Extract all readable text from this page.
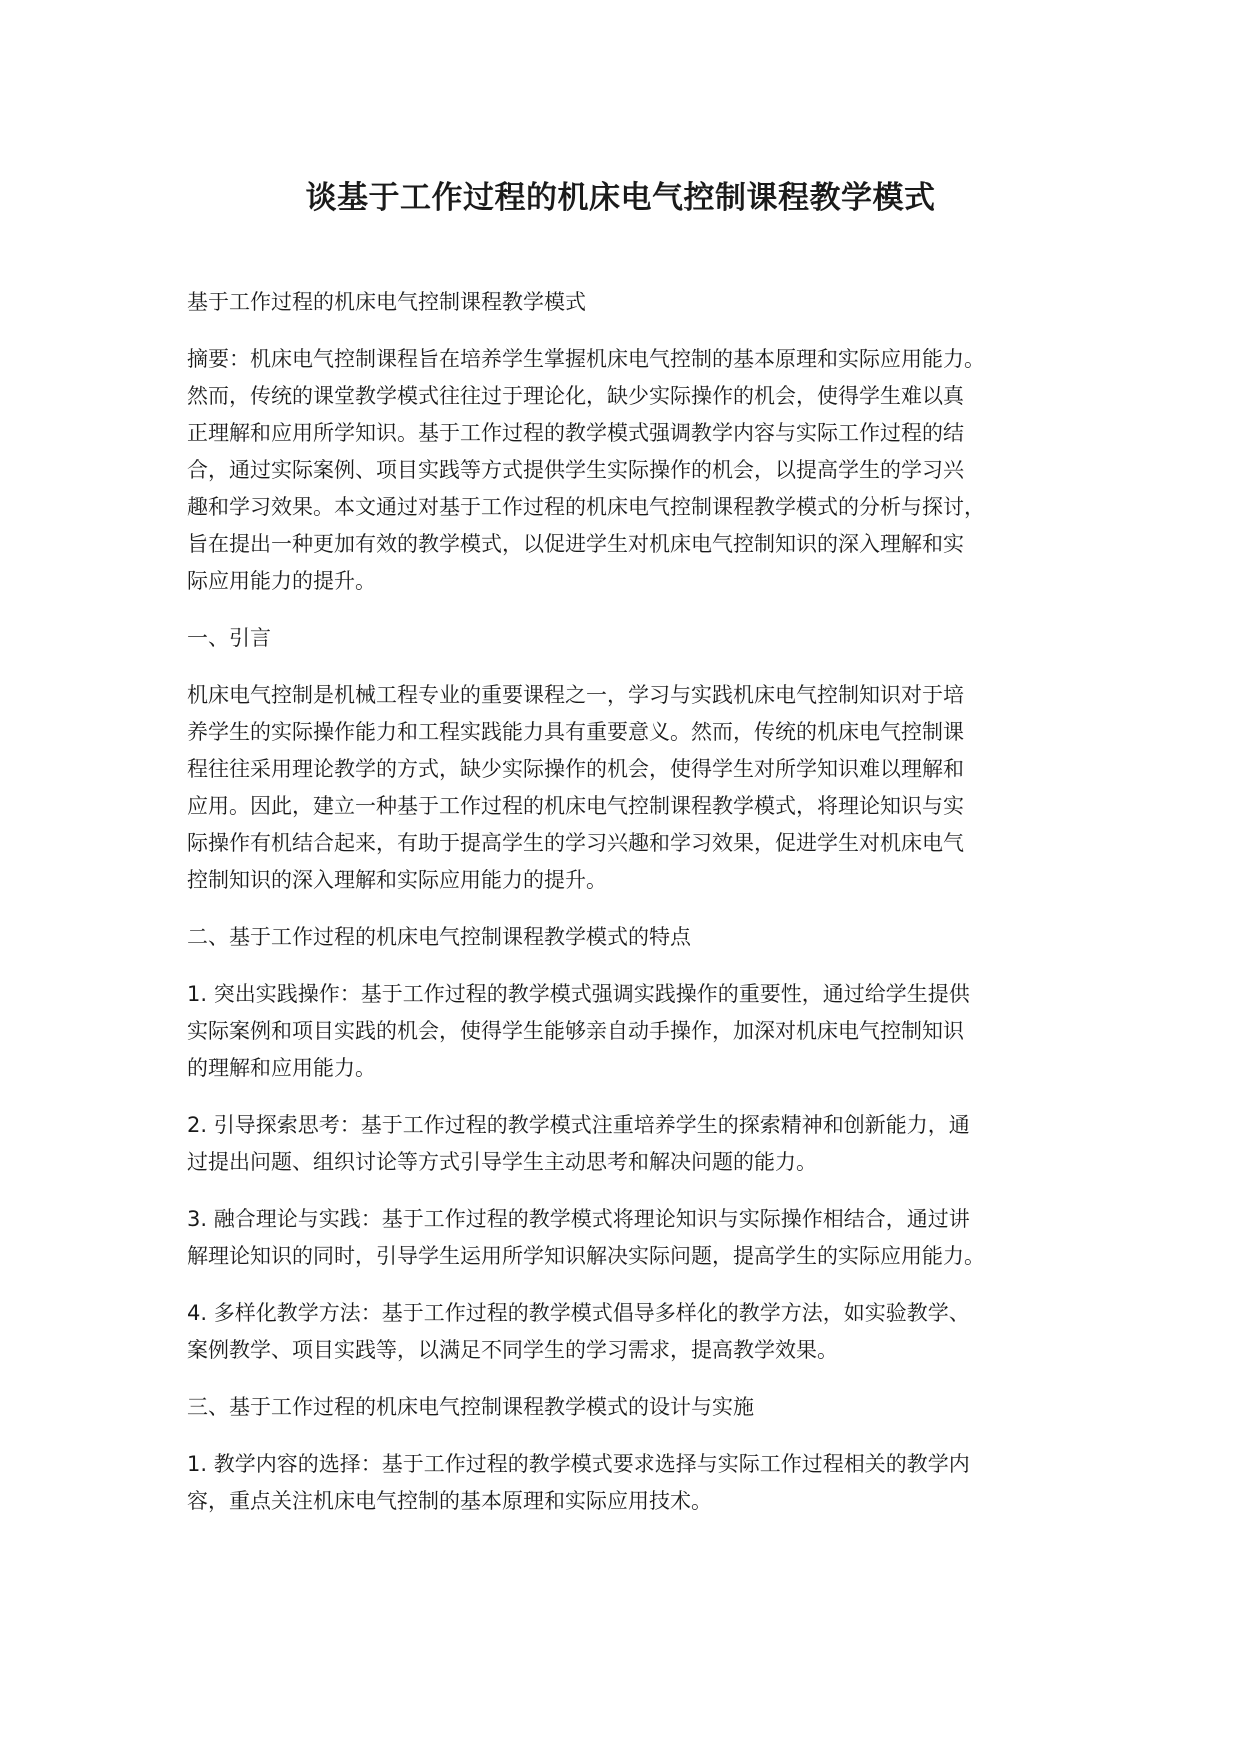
谈基于工作过程的机床电气控制课程教学模式

基于工作过程的机床电气控制课程教学模式

摘要：机床电气控制课程旨在培养学生掌握机床电气控制的基本原理和实际应用能力。
然而，传统的课堂教学模式往往过于理论化，缺少实际操作的机会，使得学生难以真
正理解和应用所学知识。基于工作过程的教学模式强调教学内容与实际工作过程的结
合，通过实际案例、项目实践等方式提供学生实际操作的机会，以提高学生的学习兴
趣和学习效果。本文通过对基于工作过程的机床电气控制课程教学模式的分析与探讨，
旨在提出一种更加有效的教学模式，以促进学生对机床电气控制知识的深入理解和实
际应用能力的提升。

一、引言

机床电气控制是机械工程专业的重要课程之一，学习与实践机床电气控制知识对于培
养学生的实际操作能力和工程实践能力具有重要意义。然而，传统的机床电气控制课
程往往采用理论教学的方式，缺少实际操作的机会，使得学生对所学知识难以理解和
应用。因此，建立一种基于工作过程的机床电气控制课程教学模式，将理论知识与实
际操作有机结合起来，有助于提高学生的学习兴趣和学习效果，促进学生对机床电气
控制知识的深入理解和实际应用能力的提升。

二、基于工作过程的机床电气控制课程教学模式的特点

1. 突出实践操作：基于工作过程的教学模式强调实践操作的重要性，通过给学生提供
实际案例和项目实践的机会，使得学生能够亲自动手操作，加深对机床电气控制知识
的理解和应用能力。

2. 引导探索思考：基于工作过程的教学模式注重培养学生的探索精神和创新能力，通
过提出问题、组织讨论等方式引导学生主动思考和解决问题的能力。

3. 融合理论与实践：基于工作过程的教学模式将理论知识与实际操作相结合，通过讲
解理论知识的同时，引导学生运用所学知识解决实际问题，提高学生的实际应用能力。

4. 多样化教学方法：基于工作过程的教学模式倡导多样化的教学方法，如实验教学、
案例教学、项目实践等，以满足不同学生的学习需求，提高教学效果。

三、基于工作过程的机床电气控制课程教学模式的设计与实施

1. 教学内容的选择：基于工作过程的教学模式要求选择与实际工作过程相关的教学内
容，重点关注机床电气控制的基本原理和实际应用技术。
